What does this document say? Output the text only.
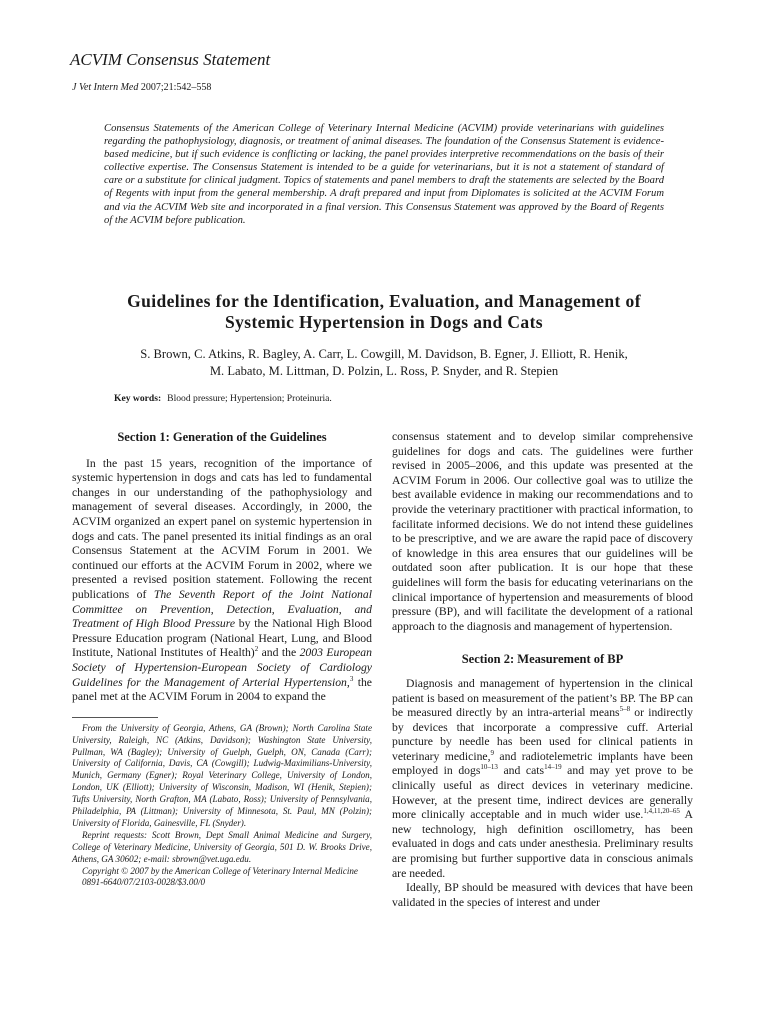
ACVIM Consensus Statement
J Vet Intern Med 2007;21:542–558
Consensus Statements of the American College of Veterinary Internal Medicine (ACVIM) provide veterinarians with guidelines regarding the pathophysiology, diagnosis, or treatment of animal diseases. The foundation of the Consensus Statement is evidence-based medicine, but if such evidence is conflicting or lacking, the panel provides interpretive recommendations on the basis of their collective expertise. The Consensus Statement is intended to be a guide for veterinarians, but it is not a statement of standard of care or a substitute for clinical judgment. Topics of statements and panel members to draft the statements are selected by the Board of Regents with input from the general membership. A draft prepared and input from Diplomates is solicited at the ACVIM Forum and via the ACVIM Web site and incorporated in a final version. This Consensus Statement was approved by the Board of Regents of the ACVIM before publication.
Guidelines for the Identification, Evaluation, and Management of
Systemic Hypertension in Dogs and Cats
S. Brown, C. Atkins, R. Bagley, A. Carr, L. Cowgill, M. Davidson, B. Egner, J. Elliott, R. Henik,
M. Labato, M. Littman, D. Polzin, L. Ross, P. Snyder, and R. Stepien
Key words: Blood pressure; Hypertension; Proteinuria.

Section 1: Generation of the Guidelines

In the past 15 years, recognition of the importance of systemic hypertension in dogs and cats has led to fundamental changes in our understanding of the pathophysiology and management of several diseases. Accordingly, in 2000, the ACVIM organized an expert panel on systemic hypertension in dogs and cats. The panel presented its initial findings as an oral Consensus Statement at the ACVIM Forum in 2001. We continued our efforts at the ACVIM Forum in 2002, where we presented a revised position statement. Following the recent publications of The Seventh Report of the Joint National Committee on Prevention, Detection, Evaluation, and Treatment of High Blood Pressure by the National High Blood Pressure Education program (National Heart, Lung, and Blood Institute, National Institutes of Health)$^2$ and the 2003 European Society of Hypertension-European Society of Cardiology Guidelines for the Management of Arterial Hypertension,$^3$ the panel met at the ACVIM Forum in 2004 to expand the

From the University of Georgia, Athens, GA (Brown); North Carolina State University, Raleigh, NC (Atkins, Davidson); Washington State University, Pullman, WA (Bagley); University of Guelph, Guelph, ON, Canada (Carr); University of California, Davis, CA (Cowgill); Ludwig-Maximilians-University, Munich, Germany (Egner); Royal Veterinary College, University of London, London, UK (Elliott); University of Wisconsin, Madison, WI (Henik, Stepien); Tufts University, North Grafton, MA (Labato, Ross); University of Pennsylvania, Philadelphia, PA (Littman); University of Minnesota, St. Paul, MN (Polzin); University of Florida, Gainesville, FL (Snyder).

Reprint requests: Scott Brown, Dept Small Animal Medicine and Surgery, College of Veterinary Medicine, University of Georgia, 501 D. W. Brooks Drive, Athens, GA 30602; e-mail: sbrown@vet.uga.edu.

Copyright © 2007 by the American College of Veterinary Internal Medicine

0891-6640/07/2103-0028/$3.00/0

consensus statement and to develop similar comprehensive guidelines for dogs and cats. The guidelines were further revised in 2005–2006, and this update was presented at the ACVIM Forum in 2006. Our collective goal was to utilize the best available evidence in making our recommendations and to provide the veterinary practitioner with practical information, to facilitate informed decisions. We do not intend these guidelines to be prescriptive, and we are aware the rapid pace of discovery of knowledge in this area ensures that our guidelines will be outdated soon after publication. It is our hope that these guidelines will form the basis for educating veterinarians on the clinical importance of hypertension and measurements of blood pressure (BP), and will facilitate the development of a rational approach to the diagnosis and management of hypertension.

Section 2: Measurement of BP

Diagnosis and management of hypertension in the clinical patient is based on measurement of the patient’s BP. The BP can be measured directly by an intra-arterial means$^{5-8}$ or indirectly by devices that incorporate a compressive cuff. Arterial puncture by needle has been used for clinical patients in veterinary medicine,$^9$ and radiotelemetric implants have been employed in dogs$^{10-13}$ and cats$^{14-19}$ and may yet prove to be clinically useful as direct devices in veterinary medicine. However, at the present time, indirect devices are generally more clinically acceptable and in much wider use.$^{1,4,11,20-65}$ A new technology, high definition oscillometry, has been evaluated in dogs and cats under anesthesia. Preliminary results are promising but further supportive data in conscious animals are needed.

Ideally, BP should be measured with devices that have been validated in the species of interest and under
